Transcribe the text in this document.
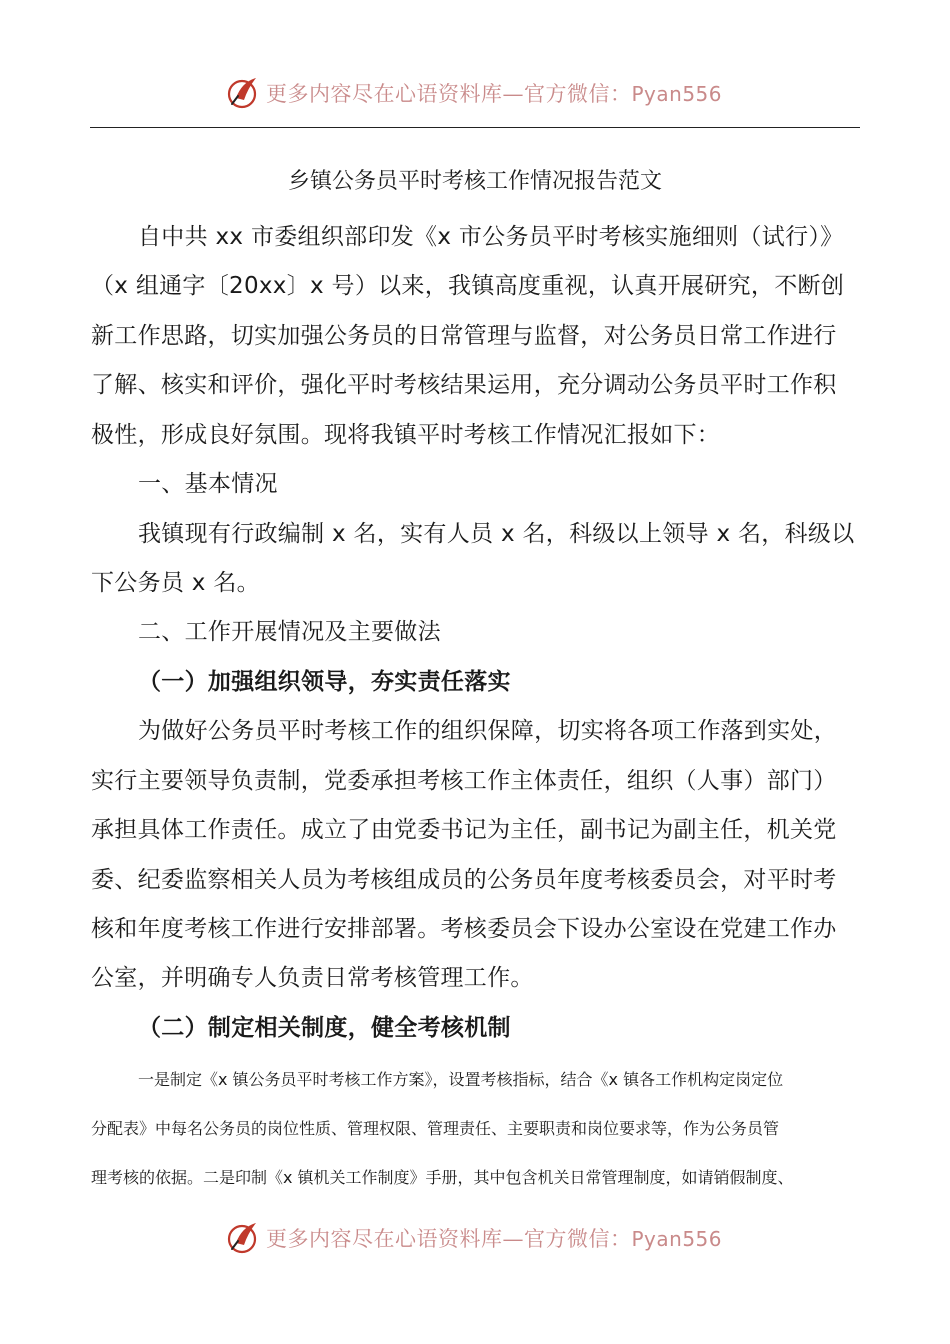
更多内容尽在心语资料库—官方微信：Pyan556
乡镇公务员平时考核工作情况报告范文
自中共 xx 市委组织部印发《x 市公务员平时考核实施细则（试行）》
（x 组通字〔20xx〕x 号）以来，我镇高度重视，认真开展研究，不断创
新工作思路，切实加强公务员的日常管理与监督，对公务员日常工作进行
了解、核实和评价，强化平时考核结果运用，充分调动公务员平时工作积
极性，形成良好氛围。现将我镇平时考核工作情况汇报如下：
一、基本情况
我镇现有行政编制 x 名，实有人员 x 名，科级以上领导 x 名，科级以
下公务员 x 名。
二、工作开展情况及主要做法
（一）加强组织领导，夯实责任落实
为做好公务员平时考核工作的组织保障，切实将各项工作落到实处，
实行主要领导负责制，党委承担考核工作主体责任，组织（人事）部门）
承担具体工作责任。成立了由党委书记为主任，副书记为副主任，机关党
委、纪委监察相关人员为考核组成员的公务员年度考核委员会，对平时考
核和年度考核工作进行安排部署。考核委员会下设办公室设在党建工作办
公室，并明确专人负责日常考核管理工作。
（二）制定相关制度，健全考核机制
一是制定《x 镇公务员平时考核工作方案》，设置考核指标，结合《x 镇各工作机构定岗定位
分配表》中每名公务员的岗位性质、管理权限、管理责任、主要职责和岗位要求等，作为公务员管
理考核的依据。二是印制《x 镇机关工作制度》手册，其中包含机关日常管理制度，如请销假制度、
更多内容尽在心语资料库—官方微信：Pyan556
